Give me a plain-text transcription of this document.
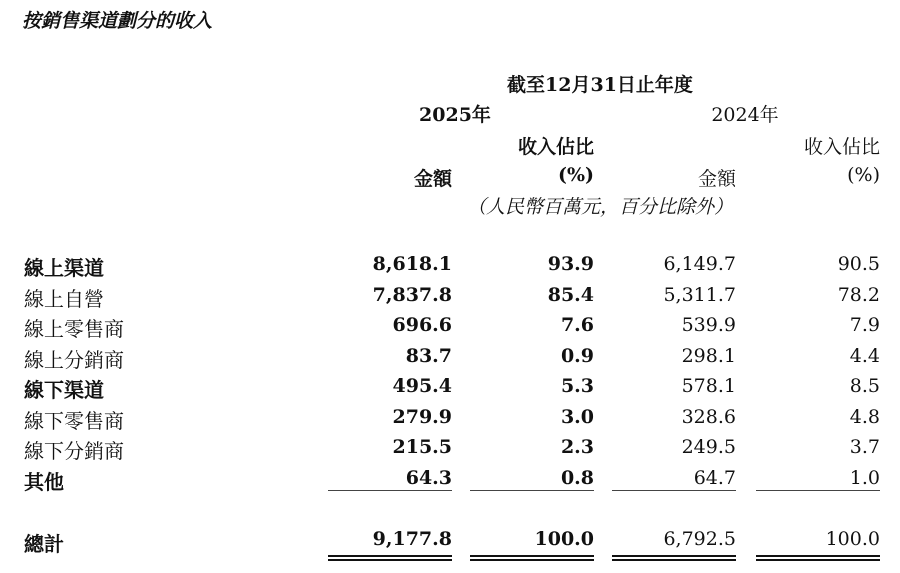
按銷售渠道劃分的收入
截至12月31日止年度
2025年	2024年
收入佔比	收入佔比
金額	(%)	金額	(%)
（人民幣百萬元，百分比除外）
線上渠道	8,618.1	93.9	6,149.7	90.5
線上自營	7,837.8	85.4	5,311.7	78.2
線上零售商	696.6	7.6	539.9	7.9
線上分銷商	83.7	0.9	298.1	4.4
線下渠道	495.4	5.3	578.1	8.5
線下零售商	279.9	3.0	328.6	4.8
線下分銷商	215.5	2.3	249.5	3.7
其他	64.3	0.8	64.7	1.0
總計	9,177.8	100.0	6,792.5	100.0
